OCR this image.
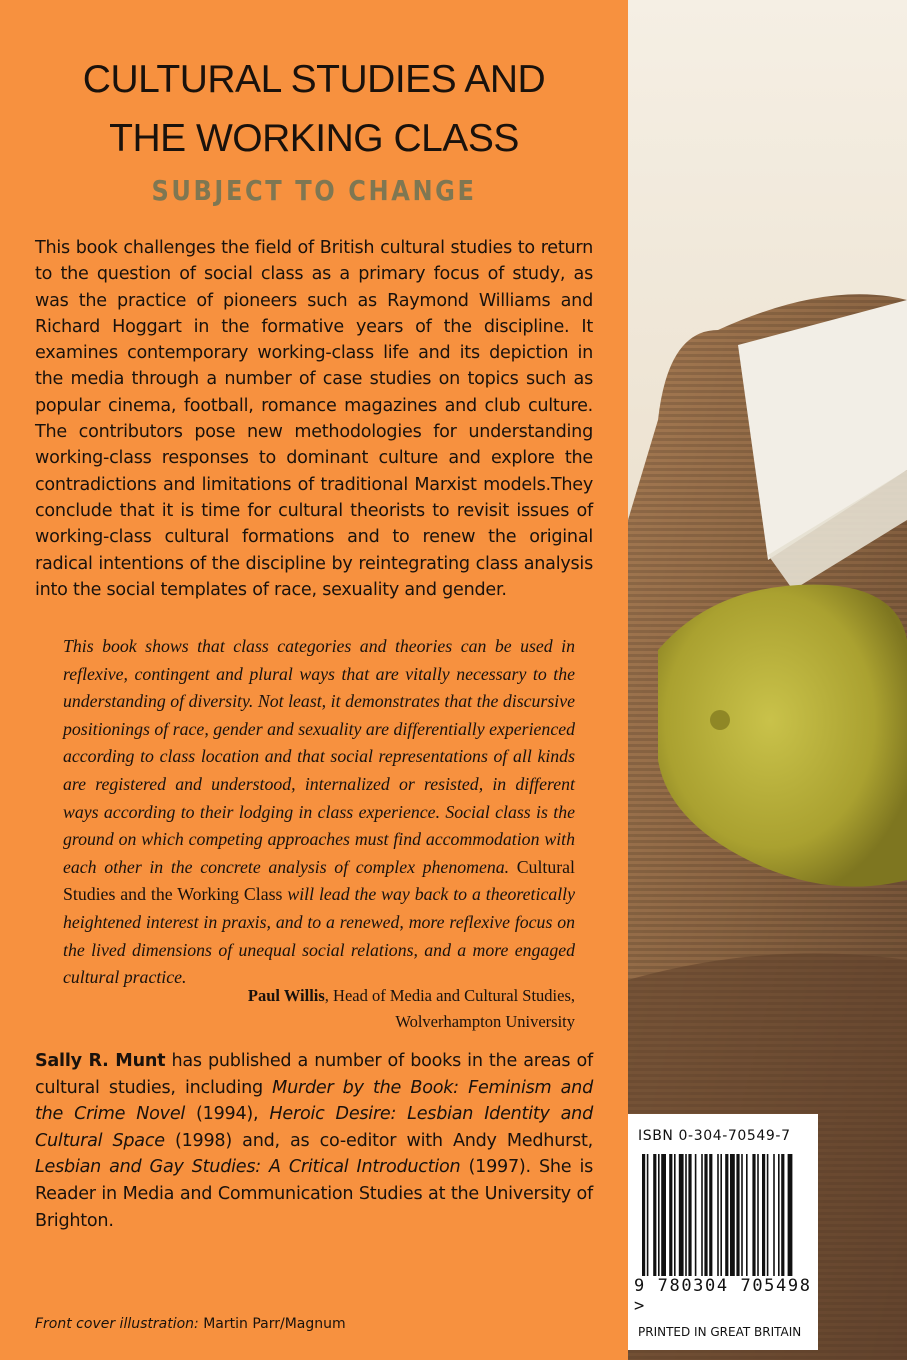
CULTURAL STUDIES AND
THE WORKING CLASS
SUBJECT TO CHANGE

This book challenges the field of British cultural studies to return to the question of social class as a primary focus of study, as was the practice of pioneers such as Raymond Williams and Richard Hoggart in the formative years of the discipline. It examines contemporary working-class life and its depiction in the media through a number of case studies on topics such as popular cinema, football, romance magazines and club culture. The contributors pose new methodologies for understanding working-class responses to dominant culture and explore the contradictions and limitations of traditional Marxist models.They conclude that it is time for cultural theorists to revisit issues of working-class cultural formations and to renew the original radical intentions of the discipline by reintegrating class analysis into the social templates of race, sexuality and gender.

This book shows that class categories and theories can be used in reflexive, contingent and plural ways that are vitally necessary to the understanding of diversity. Not least, it demonstrates that the discursive positionings of race, gender and sexuality are differentially experienced according to class location and that social representations of all kinds are registered and understood, internalized or resisted, in different ways according to their lodging in class experience. Social class is the ground on which competing approaches must find accommodation with each other in the concrete analysis of complex phenomena. Cultural Studies and the Working Class will lead the way back to a theoretically heightened interest in praxis, and to a renewed, more reflexive focus on the lived dimensions of unequal social relations, and a more engaged cultural practice.

Paul Willis, Head of Media and Cultural Studies,
Wolverhampton University

Sally R. Munt has published a number of books in the areas of cultural studies, including Murder by the Book: Feminism and the Crime Novel (1994), Heroic Desire: Lesbian Identity and Cultural Space (1998) and, as co-editor with Andy Medhurst, Lesbian and Gay Studies: A Critical Introduction (1997). She is Reader in Media and Communication Studies at the University of Brighton.

Front cover illustration: Martin Parr/Magnum
ISBN 0-304-70549-7
9 780304 705498 >
PRINTED IN GREAT BRITAIN
